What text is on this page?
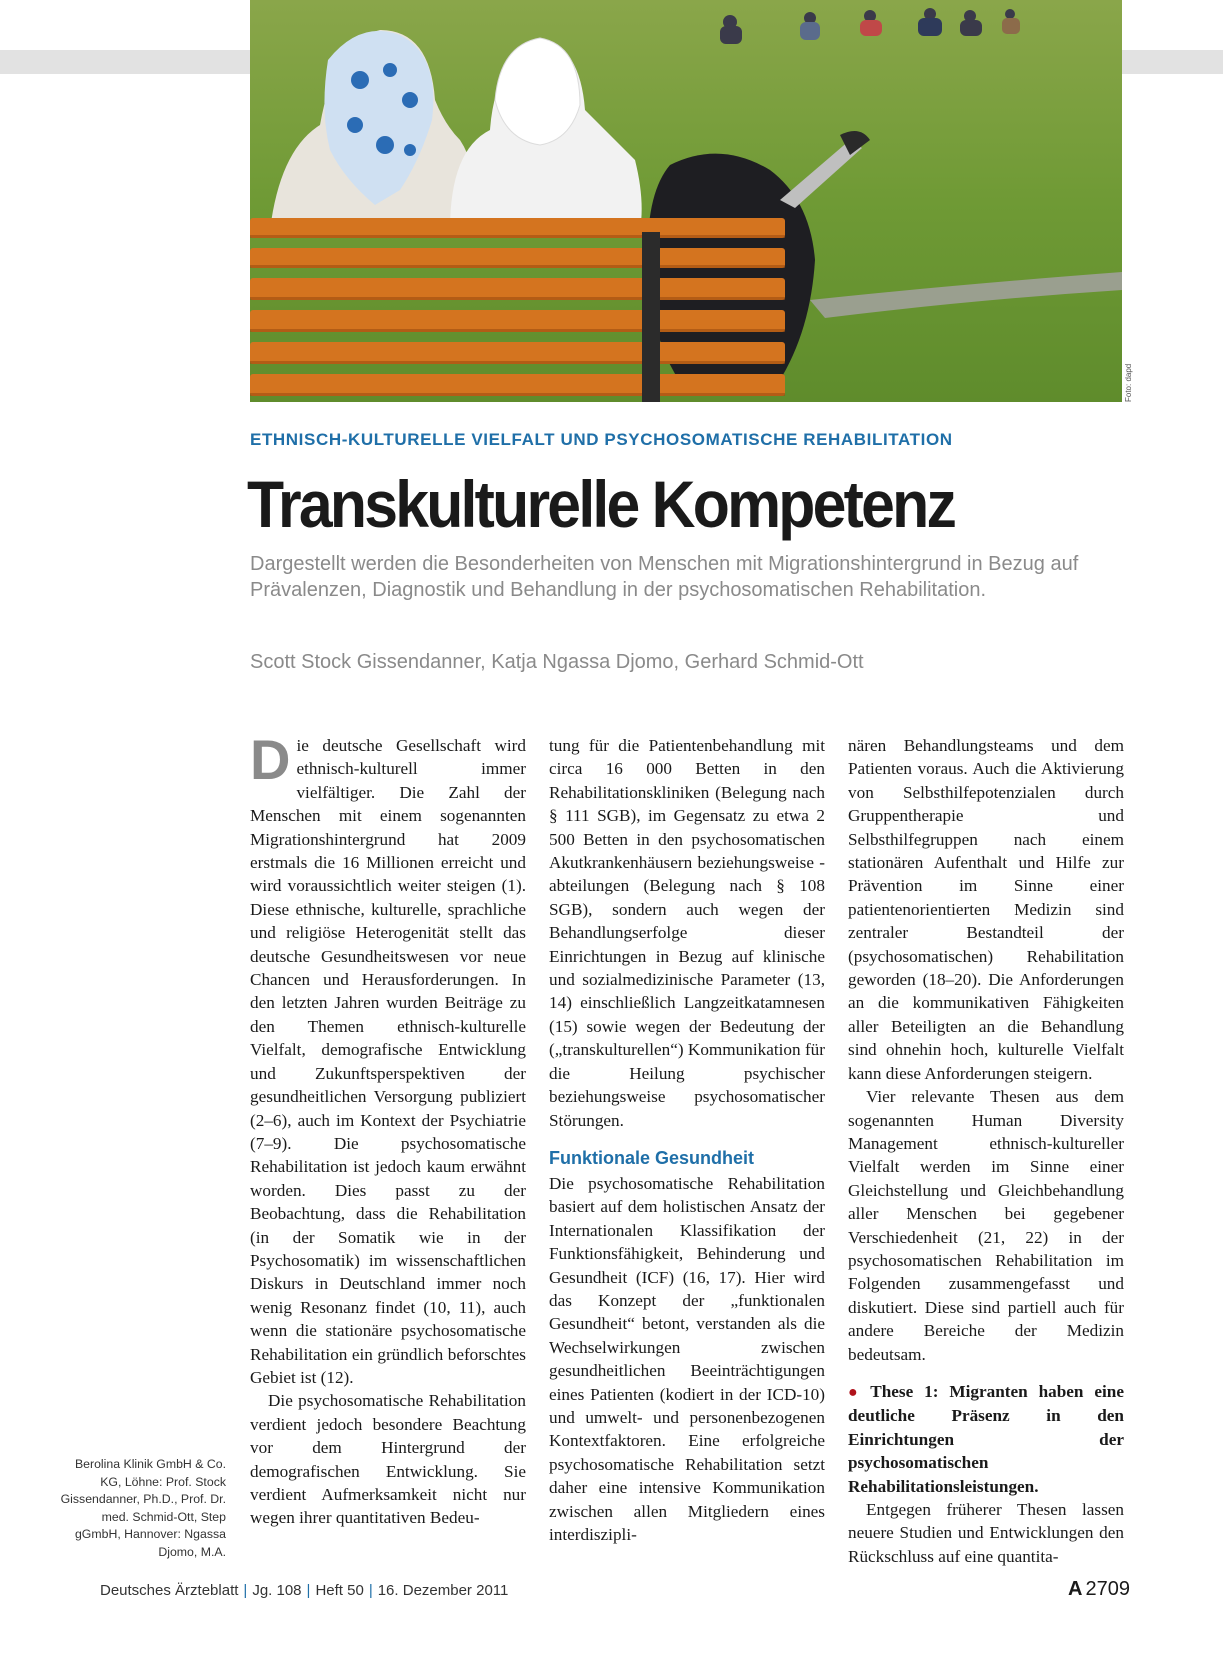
Foto: dapd
ETHNISCH-KULTURELLE VIELFALT UND PSYCHOSOMATISCHE REHABILITATION
Transkulturelle Kompetenz
Dargestellt werden die Besonderheiten von Menschen mit Migrationshintergrund in Bezug auf Prävalenzen, Diagnostik und Behandlung in der psychosomatischen Rehabilitation.
Scott Stock Gissendanner, Katja Ngassa Djomo, Gerhard Schmid-Ott

Die deutsche Gesellschaft wird ethnisch-kulturell immer vielfältiger. Die Zahl der Menschen mit einem sogenannten Migrationshintergrund hat 2009 erstmals die 16 Millionen erreicht und wird voraussichtlich weiter steigen (1). Diese ethnische, kulturelle, sprachliche und religiöse Heterogenität stellt das deutsche Gesundheitswesen vor neue Chancen und Herausforderungen. In den letzten Jahren wurden Beiträge zu den Themen ethnisch-kulturelle Vielfalt, demografische Entwicklung und Zukunftsperspektiven der gesundheitlichen Versorgung publiziert (2–6), auch im Kontext der Psychiatrie (7–9). Die psychosomatische Rehabilitation ist jedoch kaum erwähnt worden. Dies passt zu der Beobachtung, dass die Rehabilitation (in der Somatik wie in der Psychosomatik) im wissenschaftlichen Diskurs in Deutschland immer noch wenig Resonanz findet (10, 11), auch wenn die stationäre psychosomatische Rehabilitation ein gründlich beforschtes Gebiet ist (12).

Die psychosomatische Rehabilitation verdient jedoch besondere Beachtung vor dem Hintergrund der demografischen Entwicklung. Sie verdient Aufmerksamkeit nicht nur wegen ihrer quantitativen Bedeu-

tung für die Patientenbehandlung mit circa 16 000 Betten in den Rehabilitationskliniken (Belegung nach § 111 SGB), im Gegensatz zu etwa 2 500 Betten in den psychosomatischen Akutkrankenhäusern beziehungsweise -abteilungen (Belegung nach § 108 SGB), sondern auch wegen der Behandlungserfolge dieser Einrichtungen in Bezug auf klinische und sozialmedizinische Parameter (13, 14) einschließlich Langzeitkatamnesen (15) sowie wegen der Bedeutung der („transkulturellen“) Kommunikation für die Heilung psychischer beziehungsweise psychosomatischer Störungen.

Funktionale Gesundheit

Die psychosomatische Rehabilitation basiert auf dem holistischen Ansatz der Internationalen Klassifikation der Funktionsfähigkeit, Behinderung und Gesundheit (ICF) (16, 17). Hier wird das Konzept der „funktionalen Gesundheit“ betont, verstanden als die Wechselwirkungen zwischen gesundheitlichen Beeinträchtigungen eines Patienten (kodiert in der ICD-10) und umwelt- und personenbezogenen Kontextfaktoren. Eine erfolgreiche psychosomatische Rehabilitation setzt daher eine intensive Kommunikation zwischen allen Mitgliedern eines interdiszipli-

nären Behandlungsteams und dem Patienten voraus. Auch die Aktivierung von Selbsthilfepotenzialen durch Gruppentherapie und Selbsthilfegruppen nach einem stationären Aufenthalt und Hilfe zur Prävention im Sinne einer patientenorientierten Medizin sind zentraler Bestandteil der (psychosomatischen) Rehabilitation geworden (18–20). Die Anforderungen an die kommunikativen Fähigkeiten aller Beteiligten an die Behandlung sind ohnehin hoch, kulturelle Vielfalt kann diese Anforderungen steigern.

Vier relevante Thesen aus dem sogenannten Human Diversity Management ethnisch-kultureller Vielfalt werden im Sinne einer Gleichstellung und Gleichbehandlung aller Menschen bei gegebener Verschiedenheit (21, 22) in der psychosomatischen Rehabilitation im Folgenden zusammengefasst und diskutiert. Diese sind partiell auch für andere Bereiche der Medizin bedeutsam.

● These 1: Migranten haben eine deutliche Präsenz in den Einrichtungen der psychosomatischen Rehabilitationsleistungen.

Entgegen früherer Thesen lassen neuere Studien und Entwicklungen den Rückschluss auf eine quantita-

Berolina Klinik GmbH & Co. KG, Löhne: Prof. Stock Gissendanner, Ph.D., Prof. Dr. med. Schmid-Ott, Step gGmbH, Hannover: Ngassa Djomo, M.A.
Deutsches Ärzteblatt | Jg. 108 | Heft 50 | 16. Dezember 2011	A 2709
